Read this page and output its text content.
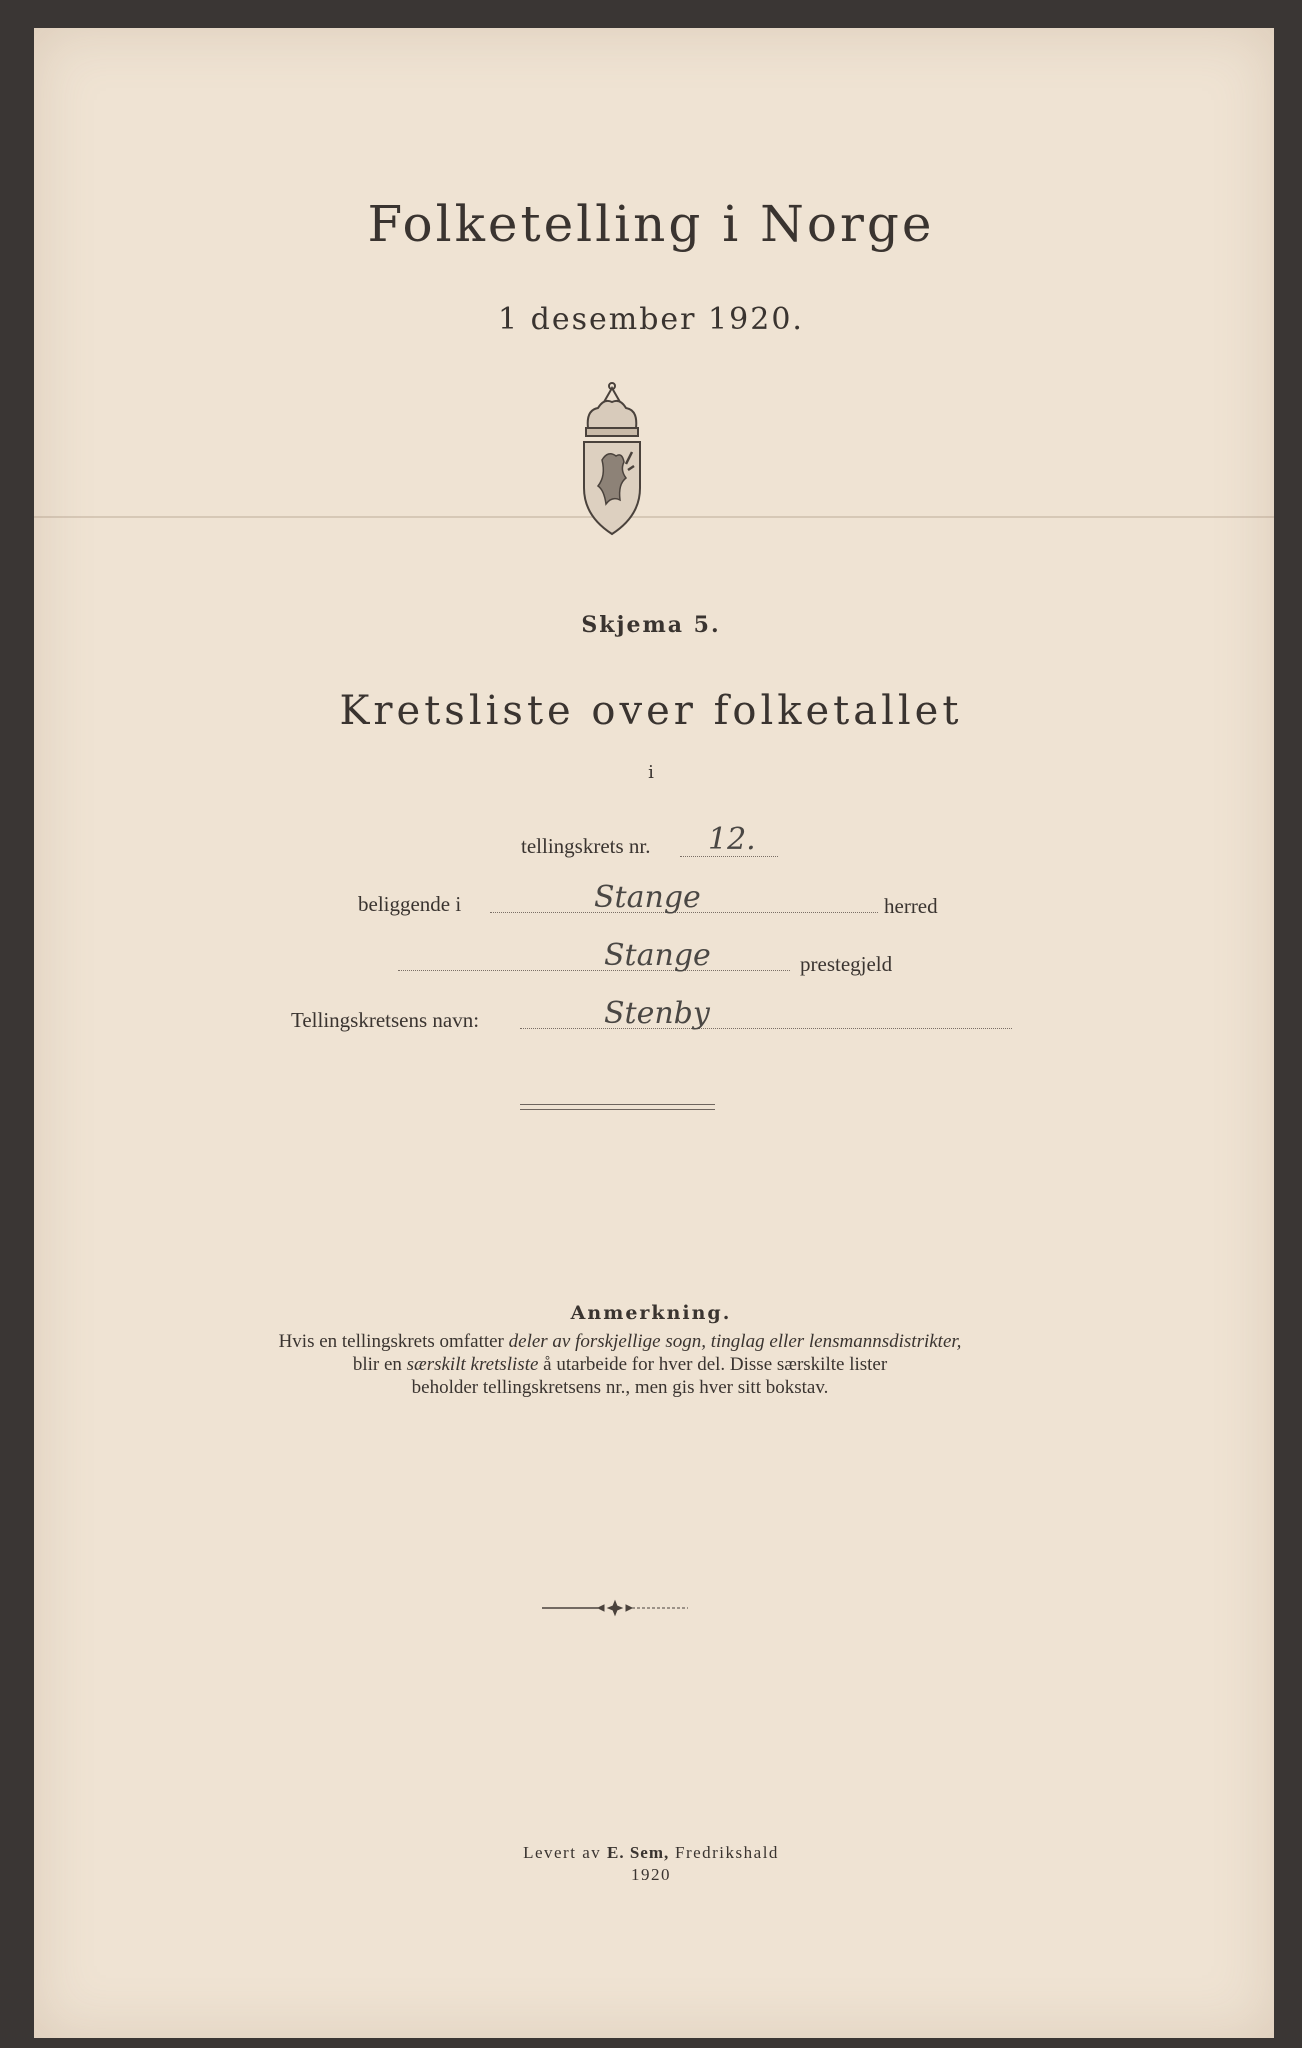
Folketelling i Norge
1 desember 1920.
Skjema 5.
Kretsliste over folketallet
i
tellingskrets nr. 12.
beliggende i	Stange	herred
Stange	prestegjeld
Tellingskretsens navn:	Stenby
Anmerkning.
Hvis en tellingskrets omfatter deler av forskjellige sogn, tinglag eller lensmannsdistrikter,
blir en særskilt kretsliste å utarbeide for hver del. Disse særskilte lister
beholder tellingskretsens nr., men gis hver sitt bokstav.
Levert av E. Sem, Fredrikshald
1920
